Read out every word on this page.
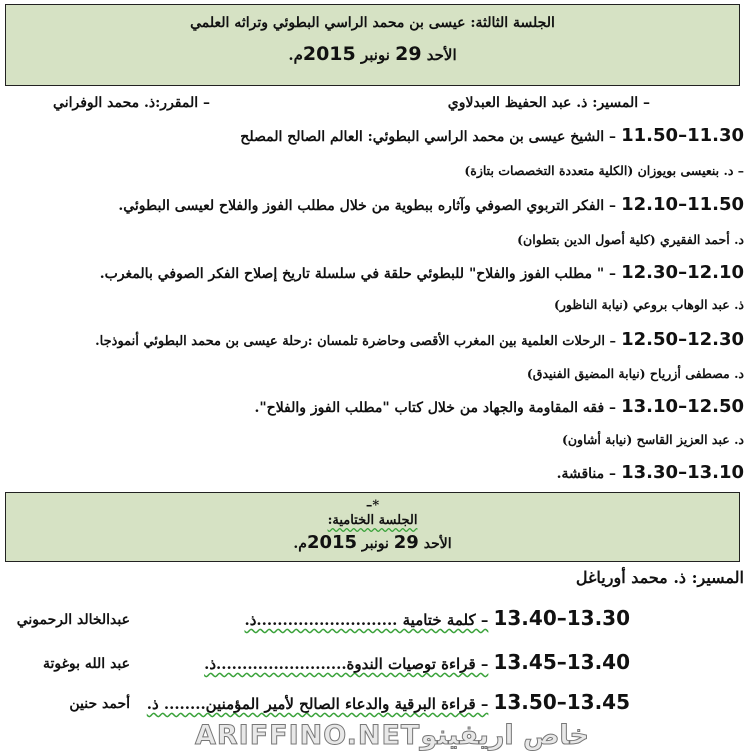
الجلسة الثالثة: عيسى بن محمد الراسي البطوئي وتراثه العلمي
الأحد 29 نونبر 2015م.
– المسير: ذ. عبد الحفيظ العبدلاوي
– المقرر:ذ. محمد الوفراني
11.30–11.50 – الشيخ عيسى بن محمد الراسي البطوئي: العالم الصالح المصلح
– د. بنعيسى بويوزان (الكلية متعددة التخصصات بتازة)
11.50–12.10 – الفكر التربوي الصوفي وآثاره ببطوية من خلال مطلب الفوز والفلاح لعيسى البطوئي.
د. أحمد الفقيري (كلية أصول الدين بتطوان)
12.10–12.30 – " مطلب الفوز والفلاح" للبطوئي حلقة في سلسلة تاريخ إصلاح الفكر الصوفي بالمغرب.
ذ. عبد الوهاب بروعي (نيابة الناظور)
12.30–12.50 – الرحلات العلمية بين المغرب الأقصى وحاضرة تلمسان :رحلة عيسى بن محمد البطوئي أنموذجا.
د. مصطفى أزرياح (نيابة المضيق الفنيدق)
12.50–13.10 – فقه المقاومة والجهاد من خلال كتاب "مطلب الفوز والفلاح".
د. عبد العزيز القاسح (نيابة أشاون)
13.10–13.30 – مناقشة.
*–
الجلسة الختامية:
الأحد 29 نونبر 2015م.
المسير: ذ. محمد أورياغل
13.30–13.40 – كلمة ختامية ...........................ذ.
عبدالخالد الرحموني
13.40–13.45 – قراءة توصيات الندوة.........................ذ.
عبد الله بوغوتة
13.45–13.50 – قراءة البرقية والدعاء الصالح لأمير المؤمنين........ ذ.
أحمد حنين
ARIFFINO.NETخاص اريفينو
